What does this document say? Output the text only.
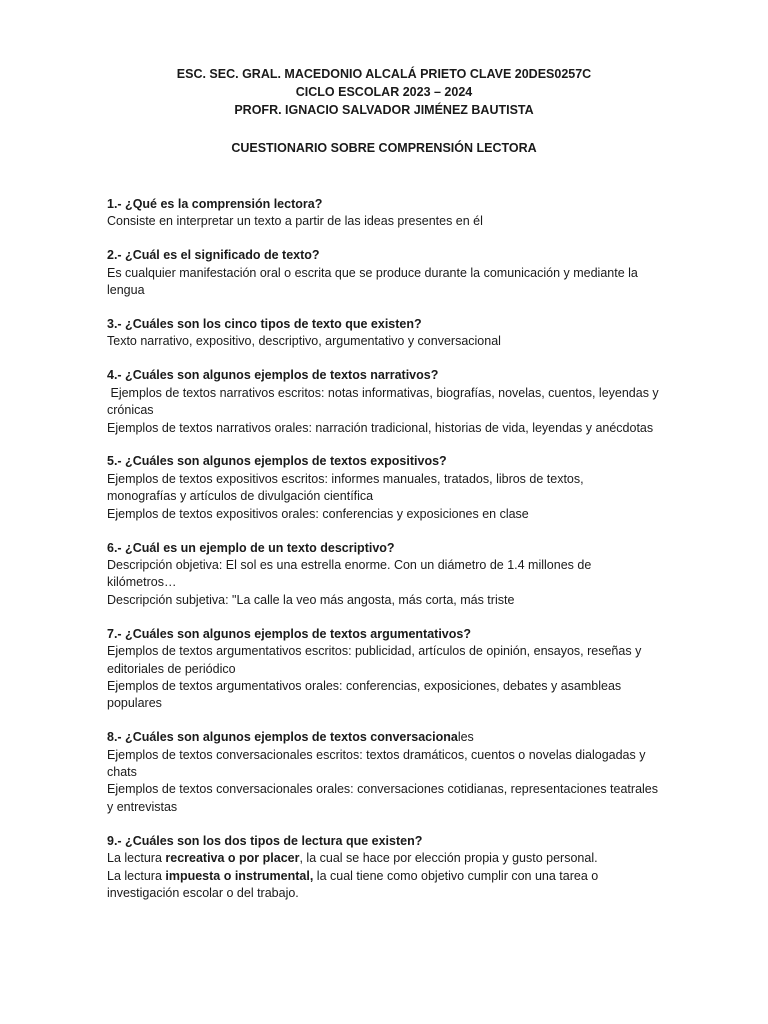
ESC. SEC. GRAL. MACEDONIO ALCALÁ PRIETO CLAVE 20DES0257C
CICLO ESCOLAR 2023 – 2024
PROFR. IGNACIO SALVADOR JIMÉNEZ BAUTISTA
CUESTIONARIO SOBRE COMPRENSIÓN LECTORA
1.- ¿Qué es la comprensión lectora?
Consiste en interpretar un texto a partir de las ideas presentes en él
2.- ¿Cuál es el significado de texto?
Es cualquier manifestación oral o escrita que se produce durante la comunicación y mediante la lengua
3.- ¿Cuáles son los cinco tipos de texto que existen?
Texto narrativo, expositivo, descriptivo, argumentativo y conversacional
4.- ¿Cuáles son algunos ejemplos de textos narrativos?
Ejemplos de textos narrativos escritos: notas informativas, biografías, novelas, cuentos, leyendas y crónicas
Ejemplos de textos narrativos orales: narración tradicional, historias de vida, leyendas y anécdotas
5.- ¿Cuáles son algunos ejemplos de textos expositivos?
Ejemplos de textos expositivos escritos: informes manuales, tratados, libros de textos, monografías y artículos de divulgación científica
Ejemplos de textos expositivos orales: conferencias y exposiciones en clase
6.- ¿Cuál es un ejemplo de un texto descriptivo?
Descripción objetiva: El sol es una estrella enorme. Con un diámetro de 1.4 millones de kilómetros…
Descripción subjetiva: "La calle la veo más angosta, más corta, más triste
7.- ¿Cuáles son algunos ejemplos de textos argumentativos?
Ejemplos de textos argumentativos escritos: publicidad, artículos de opinión, ensayos, reseñas y editoriales de periódico
Ejemplos de textos argumentativos orales: conferencias, exposiciones, debates y asambleas populares
8.- ¿Cuáles son algunos ejemplos de textos conversacionales
Ejemplos de textos conversacionales escritos: textos dramáticos, cuentos o novelas dialogadas y chats
Ejemplos de textos conversacionales orales: conversaciones cotidianas, representaciones teatrales y entrevistas
9.- ¿Cuáles son los dos tipos de lectura que existen?
La lectura recreativa o por placer, la cual se hace por elección propia y gusto personal.
La lectura impuesta o instrumental, la cual tiene como objetivo cumplir con una tarea o investigación escolar o del trabajo.
